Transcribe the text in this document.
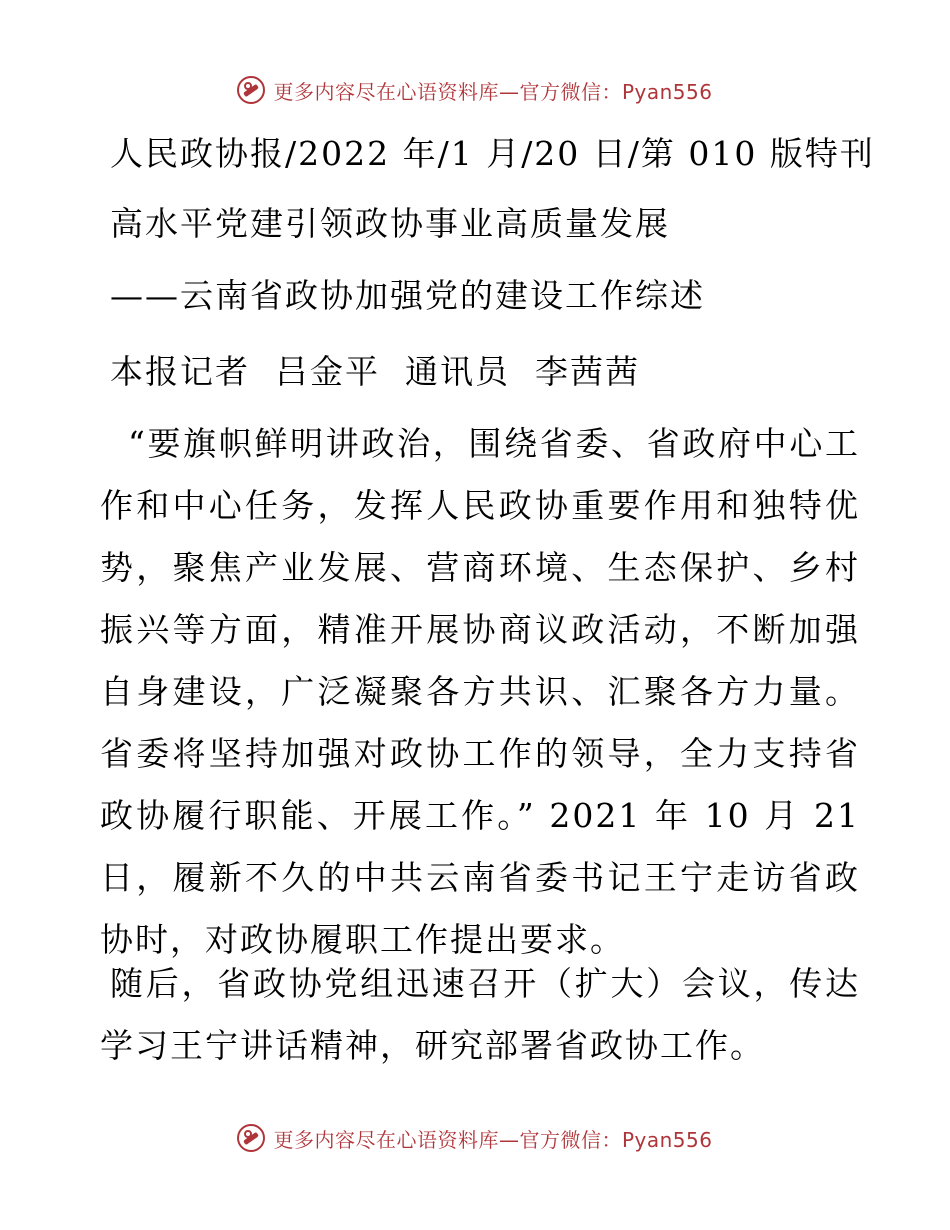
更多内容尽在心语资料库—官方微信：Pyan556
人民政协报/2022 年/1 月/20 日/第 010 版特刊
高水平党建引领政协事业高质量发展
——云南省政协加强党的建设工作综述
本报记者  吕金平  通讯员  李茜茜

“要旗帜鲜明讲政治，围绕省委、省政府中心工作和中心任务，发挥人民政协重要作用和独特优势，聚焦产业发展、营商环境、生态保护、乡村振兴等方面，精准开展协商议政活动，不断加强自身建设，广泛凝聚各方共识、汇聚各方力量。省委将坚持加强对政协工作的领导，全力支持省政协履行职能、开展工作。” 2021 年 10 月 21 日，履新不久的中共云南省委书记王宁走访省政协时，对政协履职工作提出要求。

随后，省政协党组迅速召开（扩大）会议，传达学习王宁讲话精神，研究部署省政协工作。

更多内容尽在心语资料库—官方微信：Pyan556
